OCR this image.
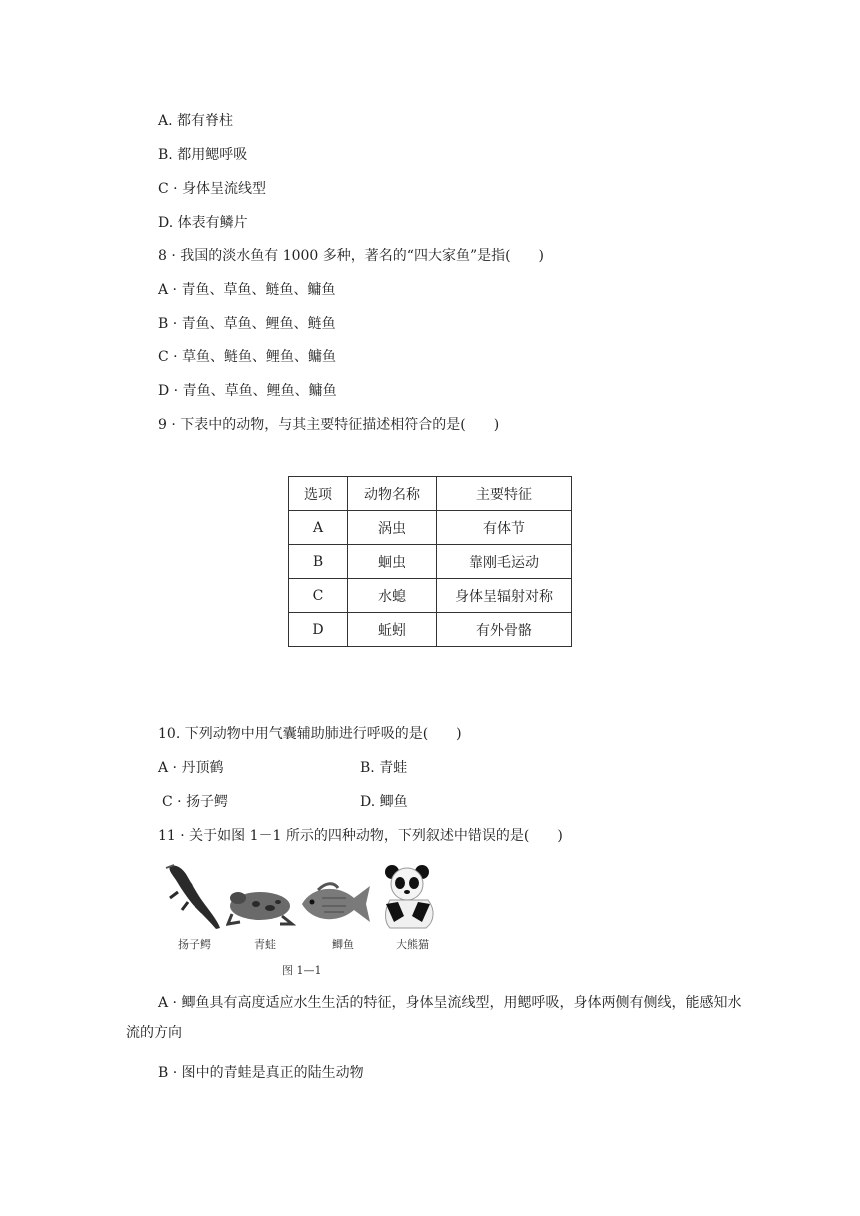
A. 都有脊柱
B. 都用鳃呼吸
C · 身体呈流线型
D. 体表有鳞片
8 · 我国的淡水鱼有 1000 多种，著名的“四大家鱼”是指(　　)
A · 青鱼、草鱼、鲢鱼、鳙鱼
B · 青鱼、草鱼、鲤鱼、鲢鱼
C · 草鱼、鲢鱼、鲤鱼、鳙鱼
D · 青鱼、草鱼、鲤鱼、鳙鱼
9 · 下表中的动物，与其主要特征描述相符合的是(　　)
选项	动物名称	主要特征
A	涡虫	有体节
B	蛔虫	靠刚毛运动
C	水螅	身体呈辐射对称
D	蚯蚓	有外骨骼
10. 下列动物中用气囊辅助肺进行呼吸的是(　　)
A · 丹顶鹤	B. 青蛙
C · 扬子鳄	D. 鲫鱼
11 · 关于如图 1－1 所示的四种动物，下列叙述中错误的是(　　)
扬子鳄	青蛙	鲫鱼	大熊猫
图 1—1
A · 鲫鱼具有高度适应水生生活的特征，身体呈流线型，用鳃呼吸，身体两侧有侧线，能感知水流的方向
B · 图中的青蛙是真正的陆生动物
